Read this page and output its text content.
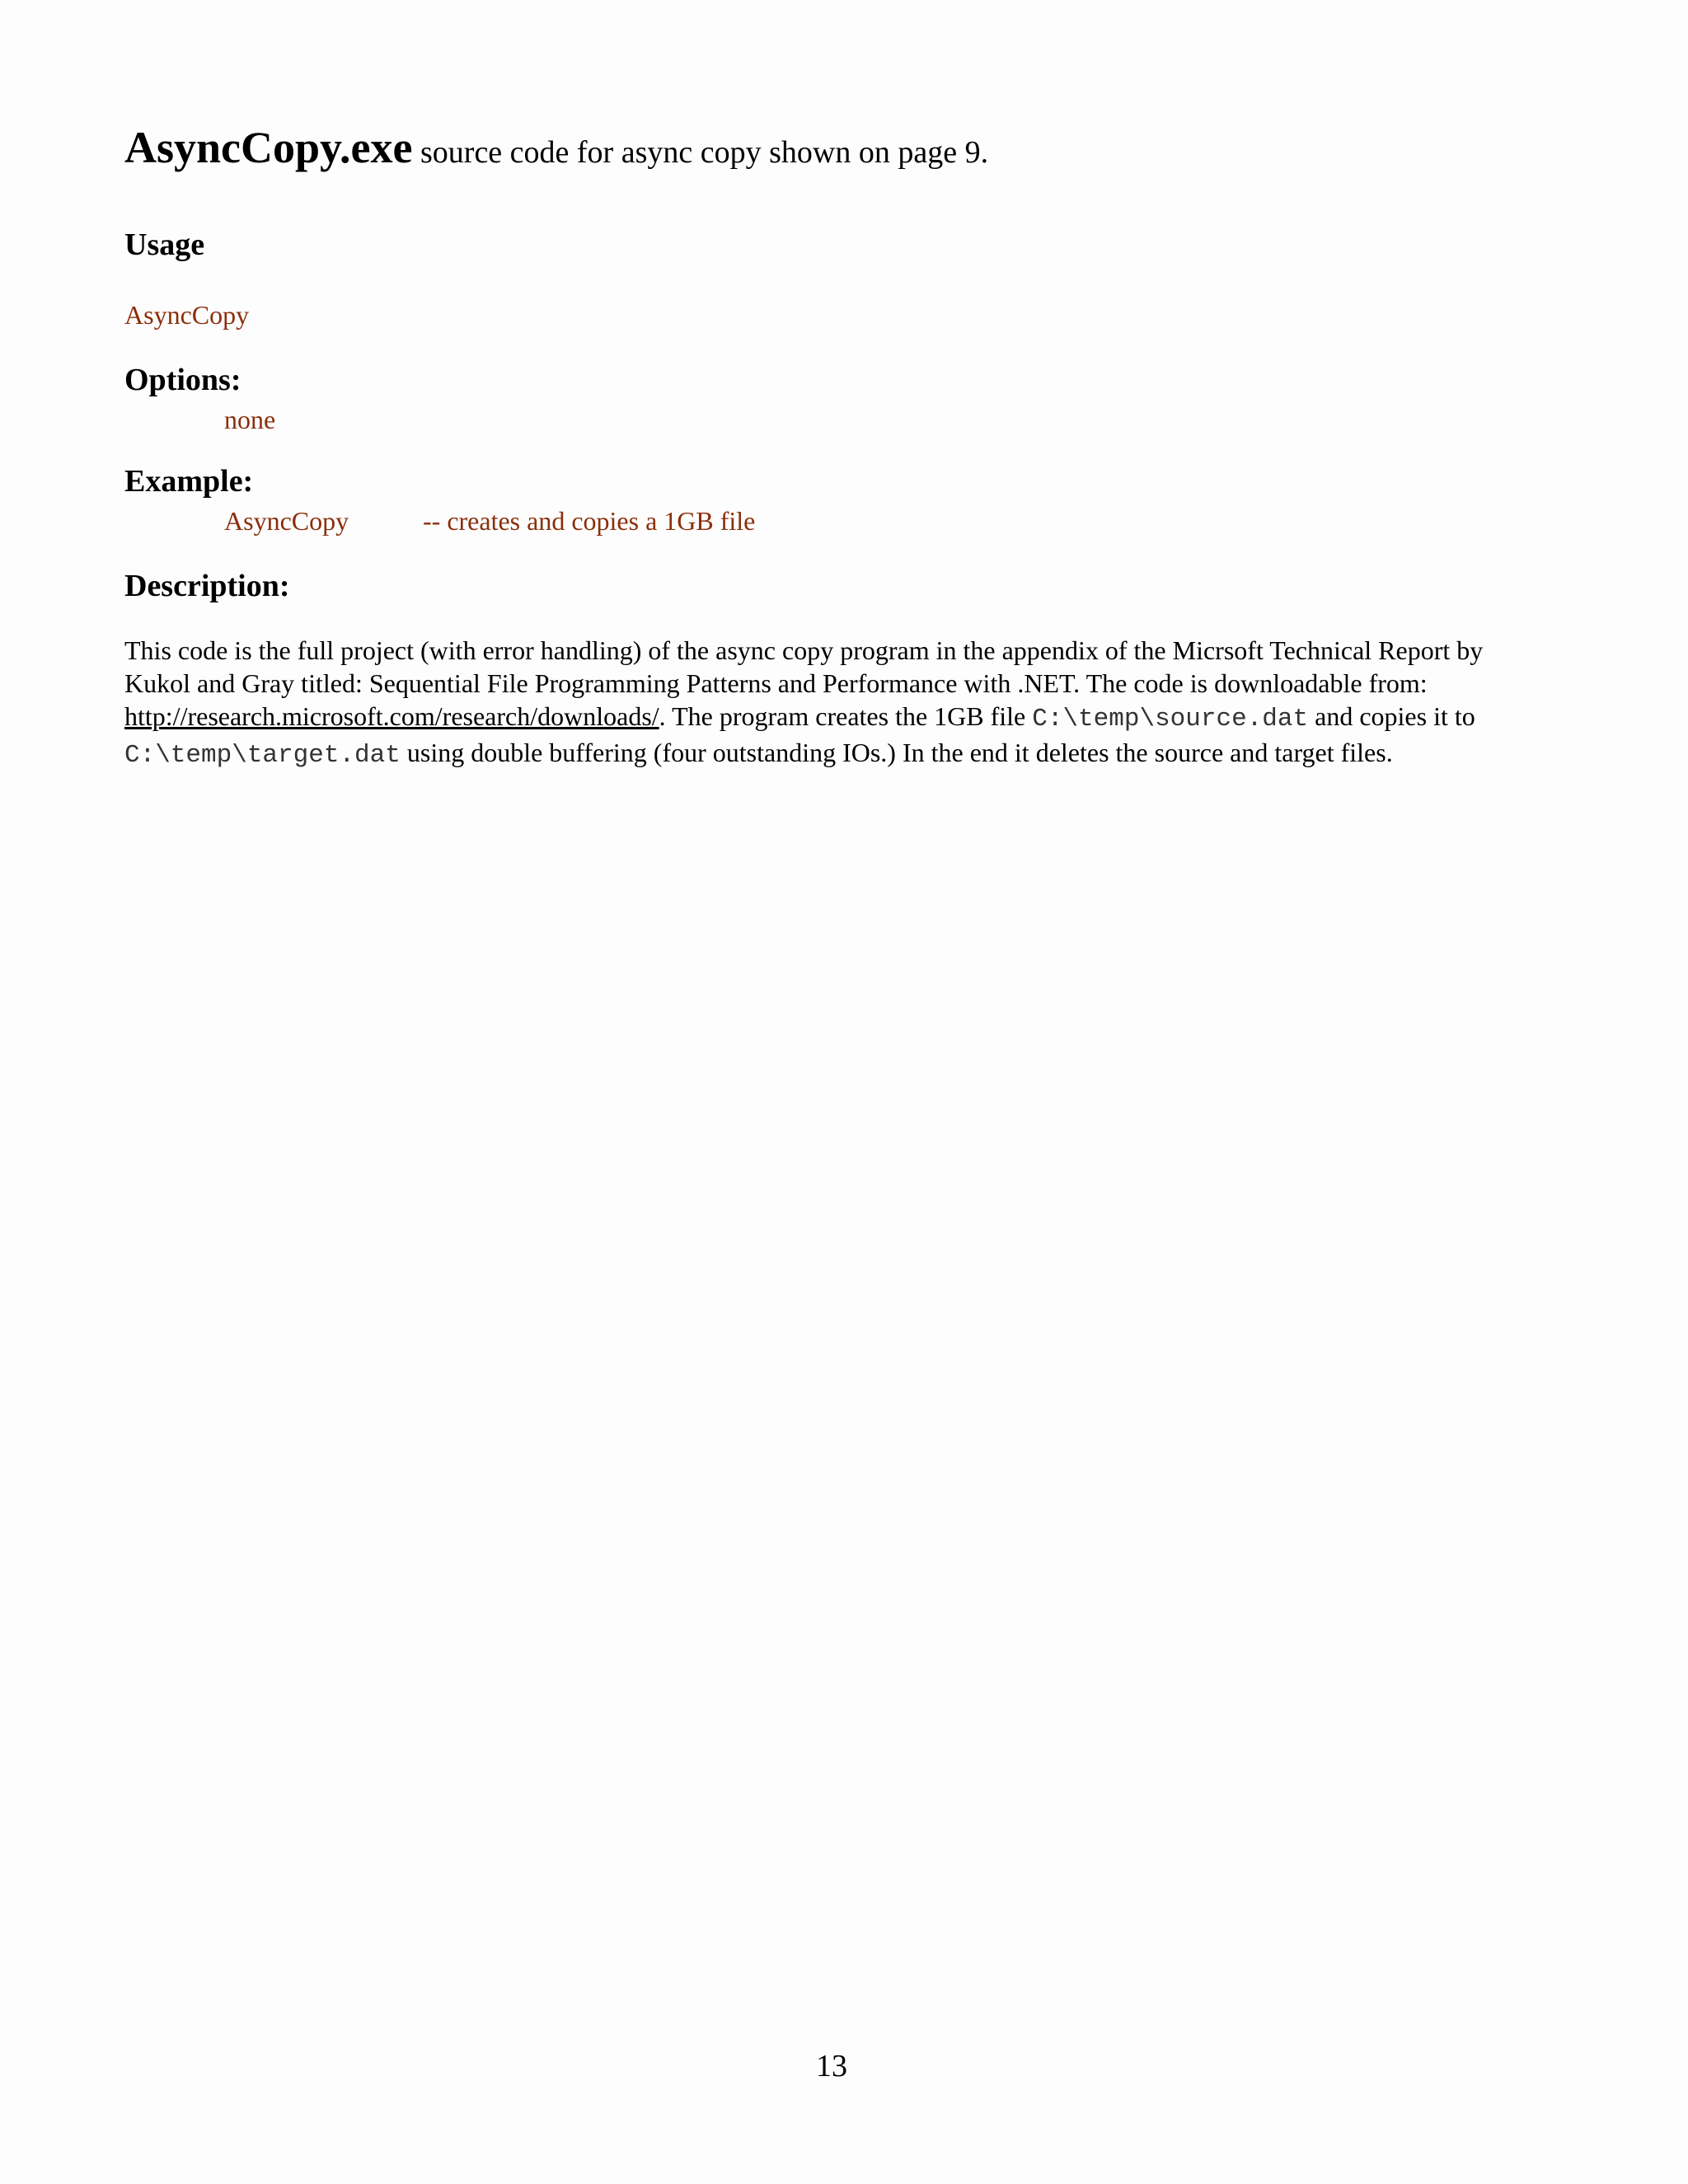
AsyncCopy.exe source code for async copy shown on page 9.

Usage

AsyncCopy

Options:

none

Example:

AsyncCopy	-- creates and copies a 1GB file

Description:

This code is the full project (with error handling) of the async copy program in the appendix of the Micrsoft Technical Report by Kukol and Gray titled: Sequential File Programming Patterns and Performance with .NET. The code is downloadable from: http://research.microsoft.com/research/downloads/. The program creates the 1GB file C:\temp\source.dat and copies it to C:\temp\target.dat using double buffering (four outstanding IOs.) In the end it deletes the source and target files.

13
